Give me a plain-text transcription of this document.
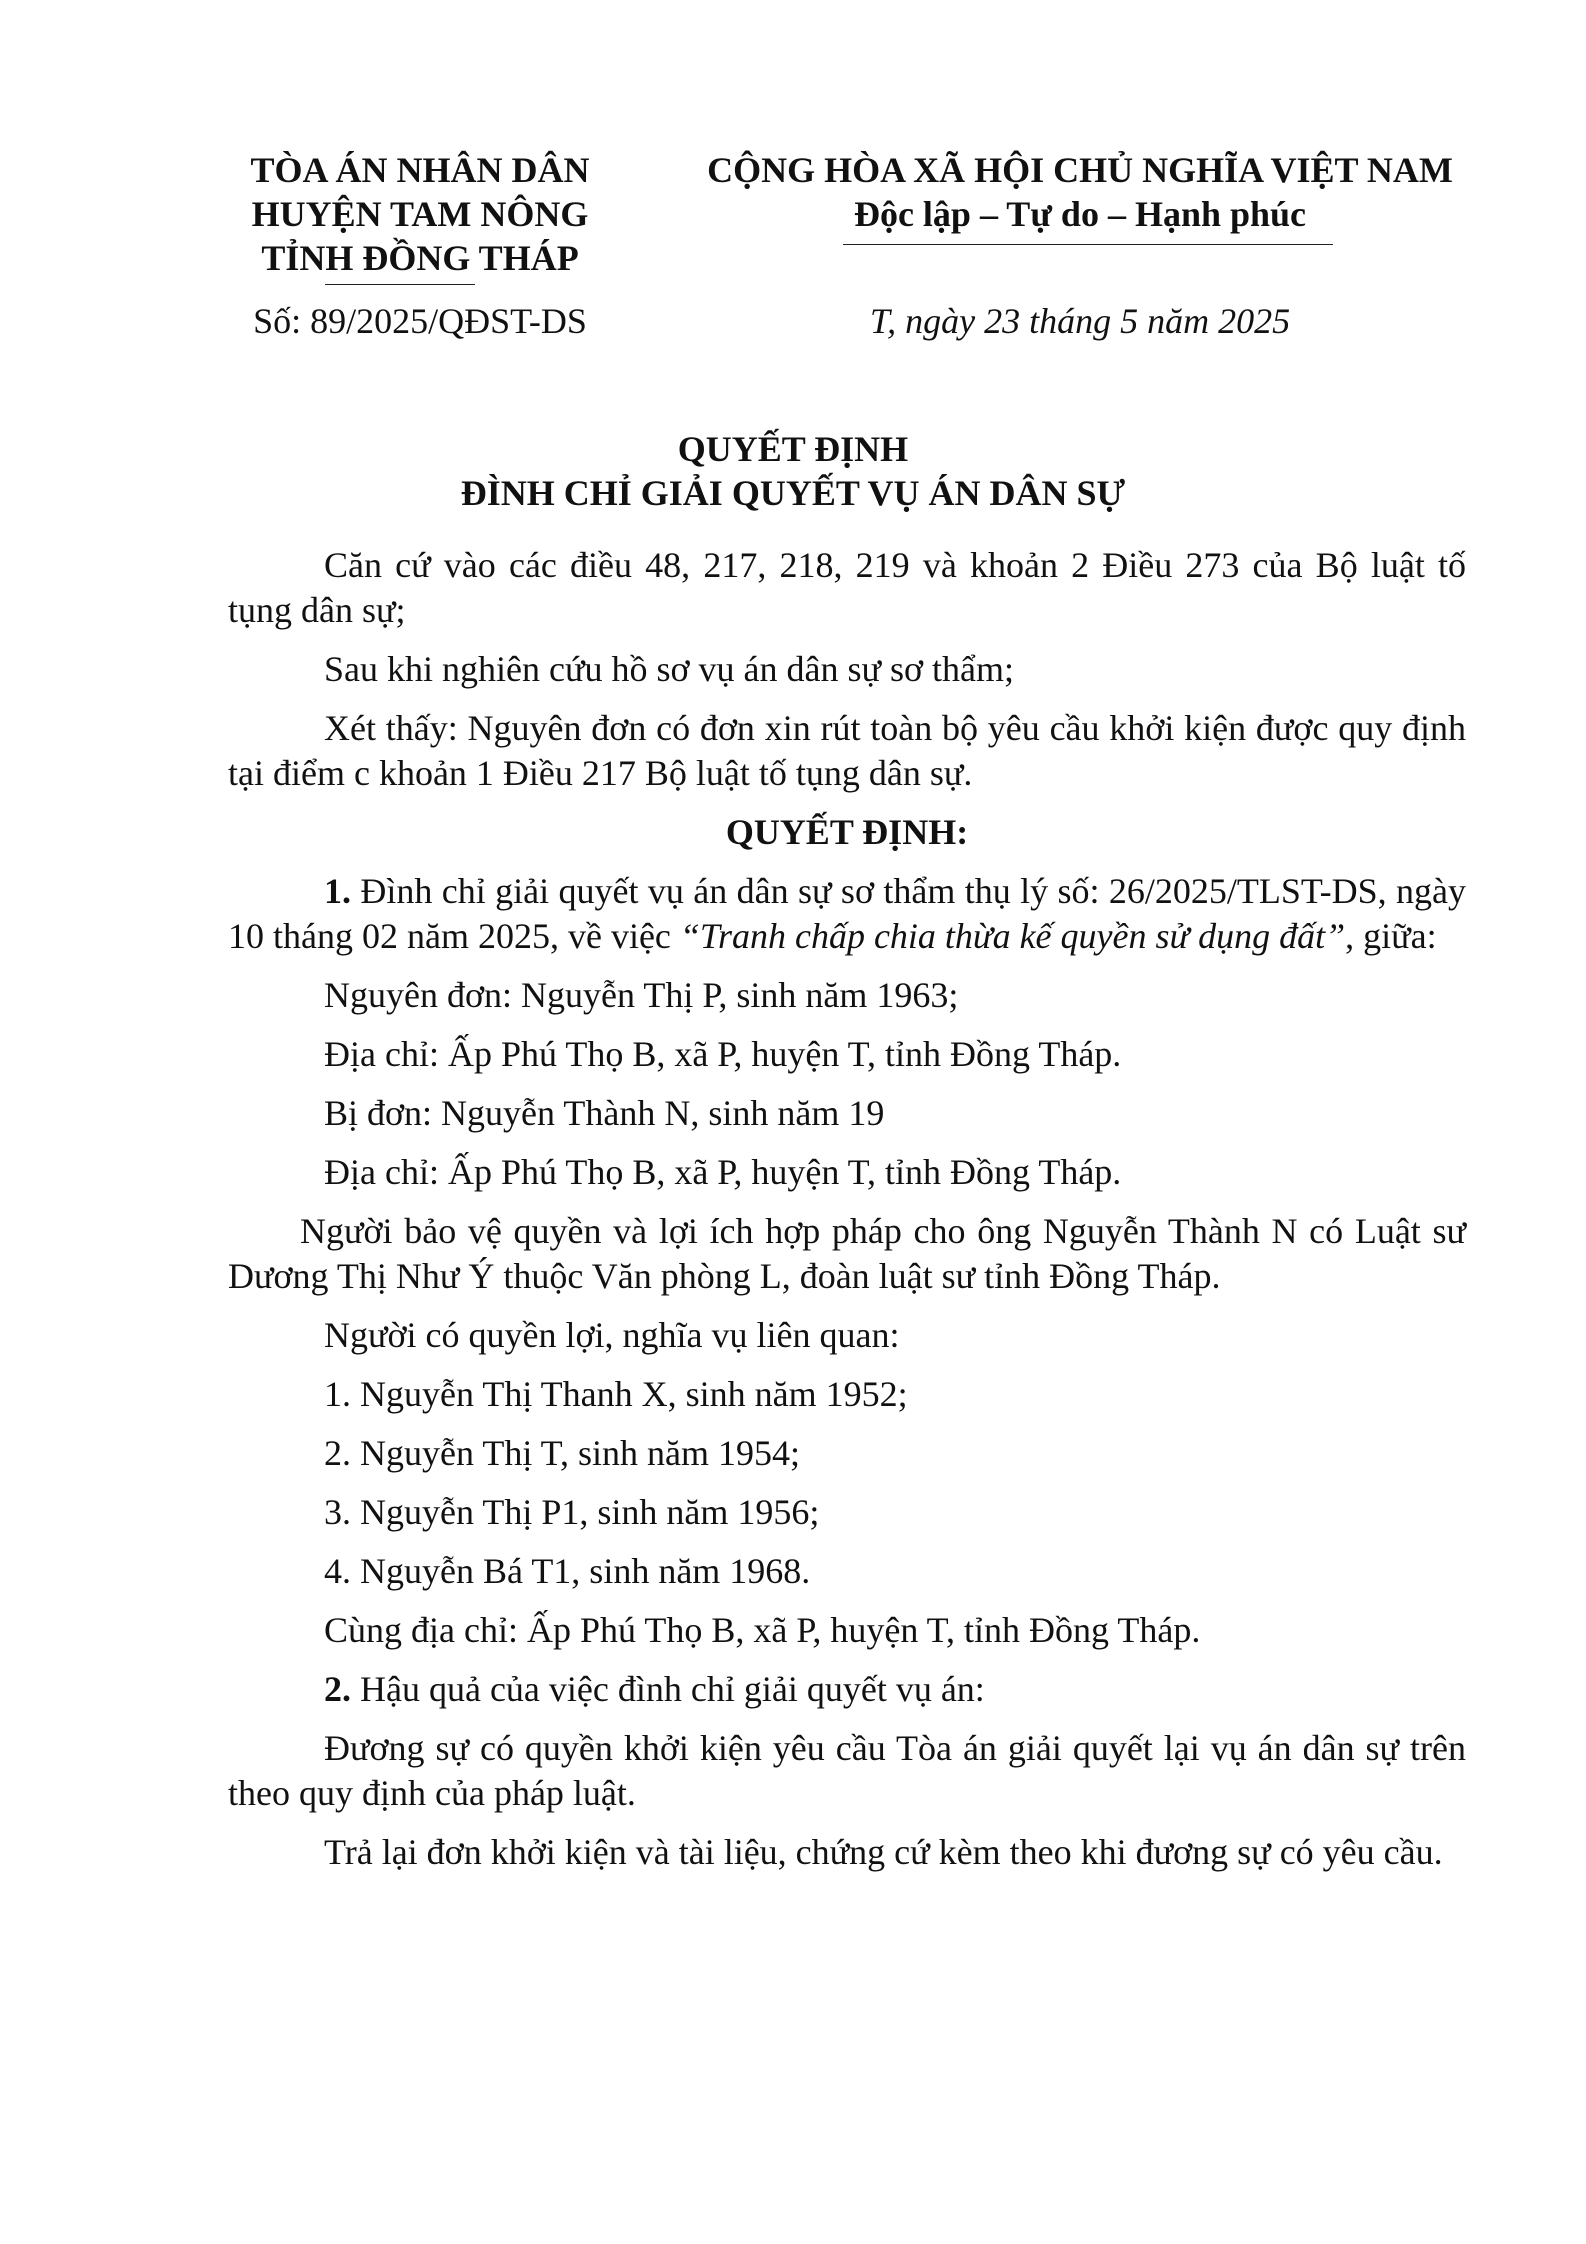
TÒA ÁN NHÂN DÂN
HUYỆN TAM NÔNG
TỈNH ĐỒNG THÁP
CỘNG HÒA XÃ HỘI CHỦ NGHĨA VIỆT NAM
Độc lập – Tự do – Hạnh phúc
Số: 89/2025/QĐST-DS	T, ngày 23 tháng 5 năm 2025
QUYẾT ĐỊNH
ĐÌNH CHỈ GIẢI QUYẾT VỤ ÁN DÂN SỰ

Căn cứ vào các điều 48, 217, 218, 219 và khoản 2 Điều 273 của Bộ luật tố tụng dân sự;

Sau khi nghiên cứu hồ sơ vụ án dân sự sơ thẩm;

Xét thấy: Nguyên đơn có đơn xin rút toàn bộ yêu cầu khởi kiện được quy định tại điểm c khoản 1 Điều 217 Bộ luật tố tụng dân sự.

QUYẾT ĐỊNH:

1. Đình chỉ giải quyết vụ án dân sự sơ thẩm thụ lý số: 26/2025/TLST-DS, ngày 10 tháng 02 năm 2025, về việc “Tranh chấp chia thừa kế quyền sử dụng đất”, giữa:

Nguyên đơn: Nguyễn Thị P, sinh năm 1963;

Địa chỉ: Ấp Phú Thọ B, xã P, huyện T, tỉnh Đồng Tháp.

Bị đơn: Nguyễn Thành N, sinh năm 19

Địa chỉ: Ấp Phú Thọ B, xã P, huyện T, tỉnh Đồng Tháp.

Người bảo vệ quyền và lợi ích hợp pháp cho ông Nguyễn Thành N có Luật sư Dương Thị Như Ý thuộc Văn phòng L, đoàn luật sư tỉnh Đồng Tháp.

Người có quyền lợi, nghĩa vụ liên quan:

1. Nguyễn Thị Thanh X, sinh năm 1952;

2. Nguyễn Thị T, sinh năm 1954;

3. Nguyễn Thị P1, sinh năm 1956;

4. Nguyễn Bá T1, sinh năm 1968.

Cùng địa chỉ: Ấp Phú Thọ B, xã P, huyện T, tỉnh Đồng Tháp.

2. Hậu quả của việc đình chỉ giải quyết vụ án:

Đương sự có quyền khởi kiện yêu cầu Tòa án giải quyết lại vụ án dân sự trên theo quy định của pháp luật.

Trả lại đơn khởi kiện và tài liệu, chứng cứ kèm theo khi đương sự có yêu cầu.
